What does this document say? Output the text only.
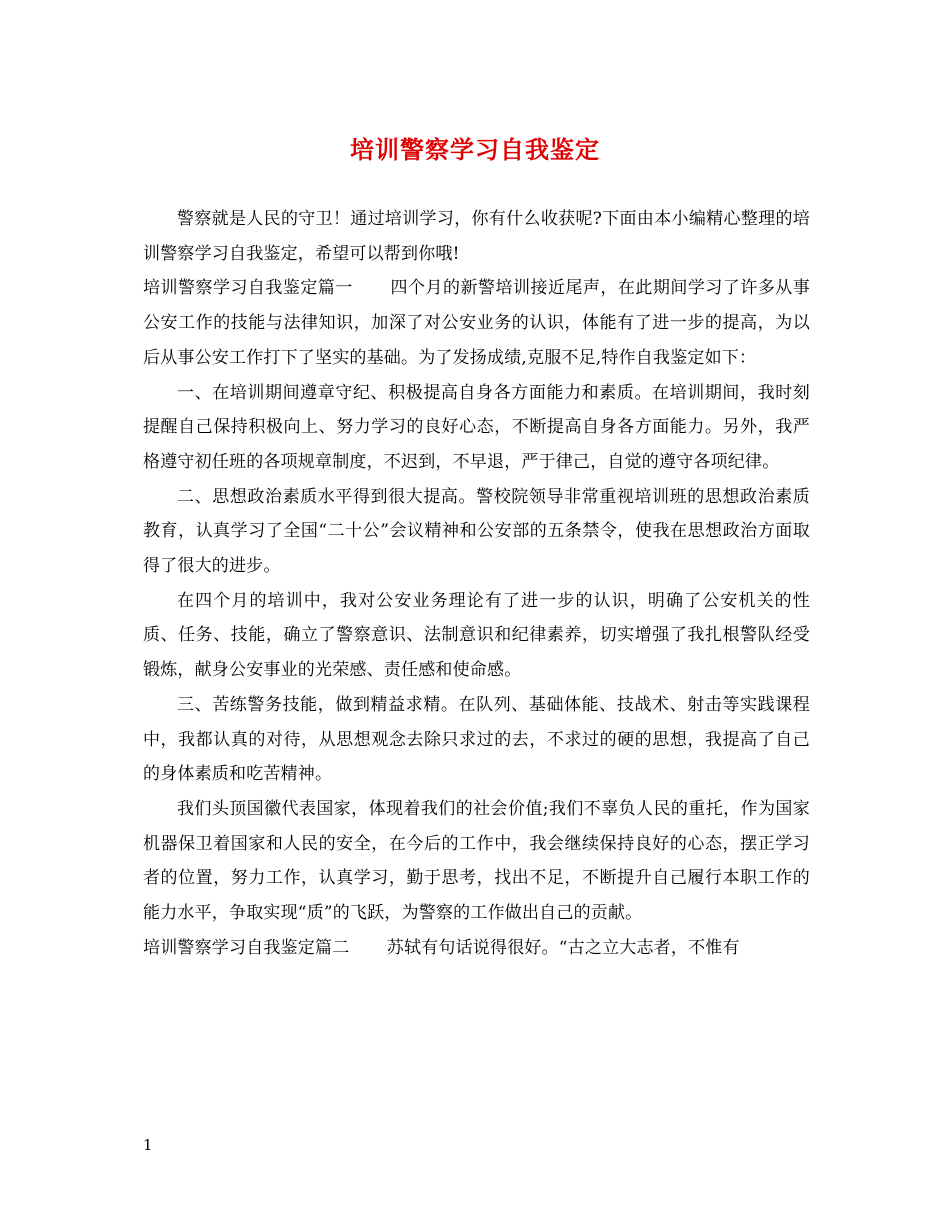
培训警察学习自我鉴定

警察就是人民的守卫！通过培训学习，你有什么收获呢?下面由本小编精心整理的培训警察学习自我鉴定，希望可以帮到你哦!

培训警察学习自我鉴定篇一 四个月的新警培训接近尾声，在此期间学习了许多从事公安工作的技能与法律知识，加深了对公安业务的认识，体能有了进一步的提高，为以后从事公安工作打下了坚实的基础。为了发扬成绩,克服不足,特作自我鉴定如下：

一、在培训期间遵章守纪、积极提高自身各方面能力和素质。在培训期间，我时刻提醒自己保持积极向上、努力学习的良好心态，不断提高自身各方面能力。另外，我严格遵守初任班的各项规章制度，不迟到，不早退，严于律己，自觉的遵守各项纪律。

二、思想政治素质水平得到很大提高。警校院领导非常重视培训班的思想政治素质教育，认真学习了全国“二十公”会议精神和公安部的五条禁令，使我在思想政治方面取得了很大的进步。

在四个月的培训中，我对公安业务理论有了进一步的认识，明确了公安机关的性质、任务、技能，确立了警察意识、法制意识和纪律素养，切实增强了我扎根警队经受锻炼，献身公安事业的光荣感、责任感和使命感。

三、苦练警务技能，做到精益求精。在队列、基础体能、技战术、射击等实践课程中，我都认真的对待，从思想观念去除只求过的去，不求过的硬的思想，我提高了自己的身体素质和吃苦精神。

我们头顶国徽代表国家，体现着我们的社会价值;我们不辜负人民的重托，作为国家机器保卫着国家和人民的安全，在今后的工作中，我会继续保持良好的心态，摆正学习者的位置，努力工作，认真学习，勤于思考，找出不足，不断提升自己履行本职工作的能力水平，争取实现“质”的飞跃，为警察的工作做出自己的贡献。

培训警察学习自我鉴定篇二 苏轼有句话说得很好。“古之立大志者，不惟有

1
